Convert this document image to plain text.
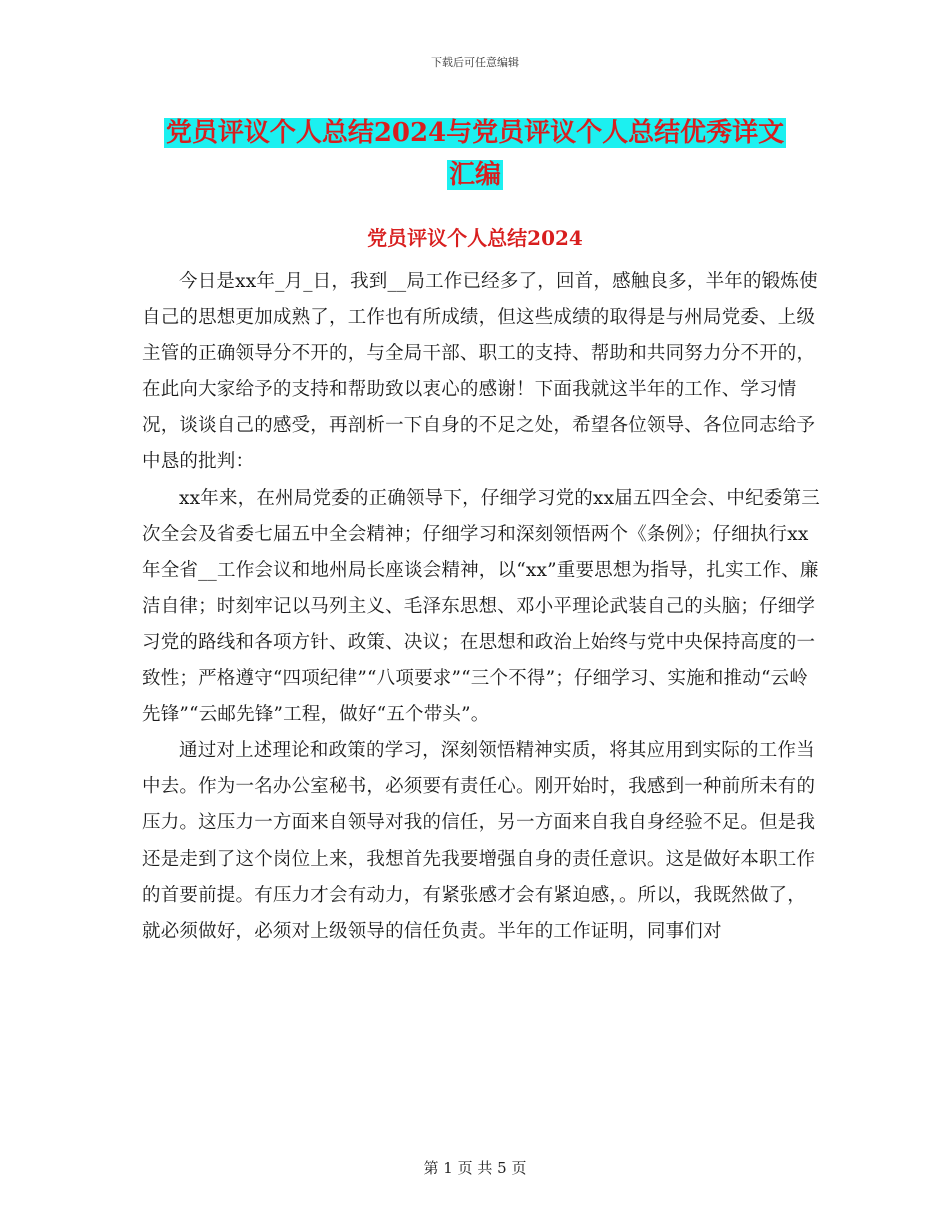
下载后可任意编辑
党员评议个人总结2024与党员评议个人总结优秀详文
汇编
党员评议个人总结2024

今日是xx年_月_日，我到__局工作已经多了，回首，感触良多，半年的锻炼使自己的思想更加成熟了，工作也有所成绩，但这些成绩的取得是与州局党委、上级主管的正确领导分不开的，与全局干部、职工的支持、帮助和共同努力分不开的，在此向大家给予的支持和帮助致以衷心的感谢！下面我就这半年的工作、学习情况，谈谈自己的感受，再剖析一下自身的不足之处，希望各位领导、各位同志给予中恳的批判：

xx年来，在州局党委的正确领导下，仔细学习党的xx届五四全会、中纪委第三次全会及省委七届五中全会精神；仔细学习和深刻领悟两个《条例》；仔细执行xx年全省__工作会议和地州局长座谈会精神，以“xx”重要思想为指导，扎实工作、廉洁自律；时刻牢记以马列主义、毛泽东思想、邓小平理论武装自己的头脑；仔细学习党的路线和各项方针、政策、决议；在思想和政治上始终与党中央保持高度的一致性；严格遵守“四项纪律”“八项要求”“三个不得”；仔细学习、实施和推动“云岭先锋”“云邮先锋”工程，做好“五个带头”。

通过对上述理论和政策的学习，深刻领悟精神实质，将其应用到实际的工作当中去。作为一名办公室秘书，必须要有责任心。刚开始时，我感到一种前所未有的压力。这压力一方面来自领导对我的信任，另一方面来自我自身经验不足。但是我还是走到了这个岗位上来，我想首先我要增强自身的责任意识。这是做好本职工作的首要前提。有压力才会有动力，有紧张感才会有紧迫感，。所以，我既然做了，就必须做好，必须对上级领导的信任负责。半年的工作证明，同事们对

第 1 页 共 5 页
